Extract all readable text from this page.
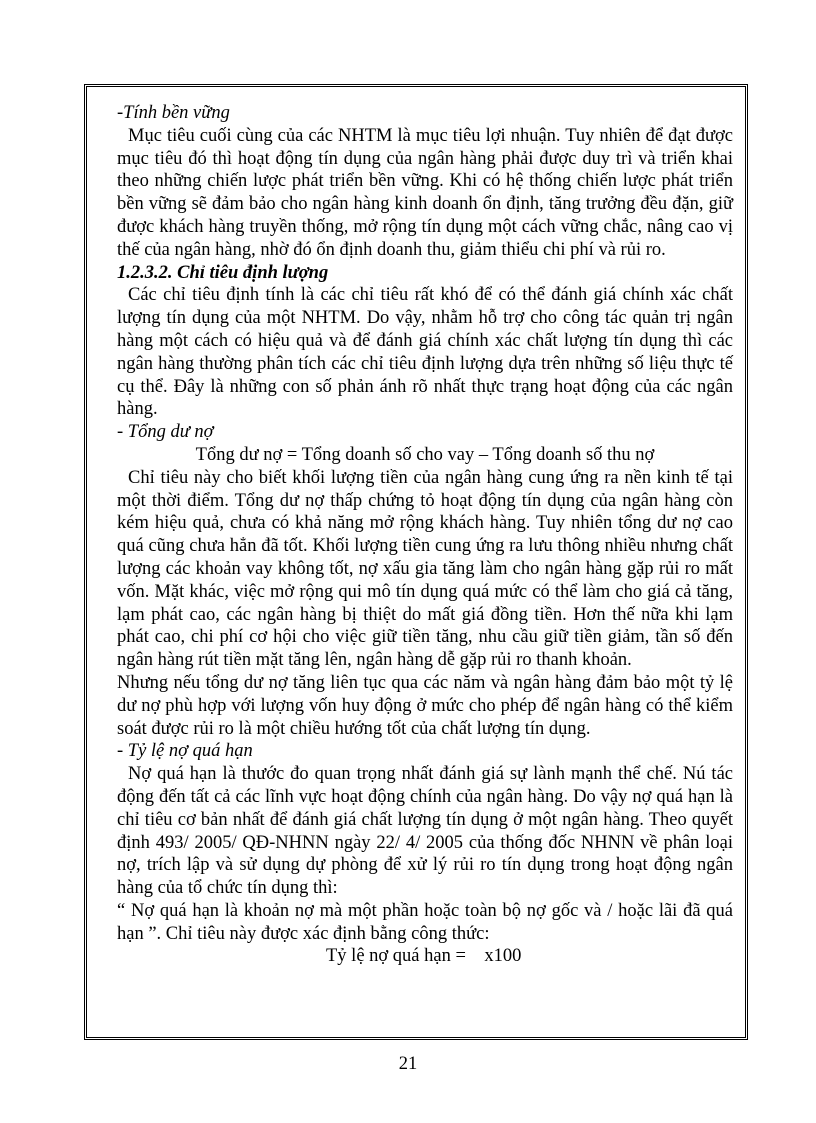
-Tính bền vững

Mục tiêu cuối cùng của các NHTM là mục tiêu lợi nhuận. Tuy nhiên để đạt được mục tiêu đó thì hoạt động tín dụng của ngân hàng phải được duy trì và triển khai theo những chiến lược phát triển bền vững. Khi có hệ thống chiến lược phát triển bền vững sẽ đảm bảo cho ngân hàng kinh doanh ổn định, tăng trưởng đều đặn, giữ được khách hàng truyền thống, mở rộng tín dụng một cách vững chắc, nâng cao vị thế của ngân hàng, nhờ đó ổn định doanh thu, giảm thiểu chi phí và rủi ro.

1.2.3.2. Chỉ tiêu định lượng

Các chỉ tiêu định tính là các chỉ tiêu rất khó để có thể đánh giá chính xác chất lượng tín dụng của một NHTM. Do vậy, nhằm hỗ trợ cho công tác quản trị ngân hàng một cách có hiệu quả và để đánh giá chính xác chất lượng tín dụng thì các ngân hàng thường phân tích các chỉ tiêu định lượng dựa trên những số liệu thực tế cụ thể. Đây là những con số phản ánh rõ nhất thực trạng hoạt động của các ngân hàng.

- Tổng dư nợ

Tổng dư nợ = Tổng doanh số cho vay – Tổng doanh số thu nợ

Chỉ tiêu này cho biết khối lượng tiền của ngân hàng cung ứng ra nền kinh tế tại một thời điểm. Tổng dư nợ thấp chứng tỏ hoạt động tín dụng của ngân hàng còn kém hiệu quả, chưa có khả năng mở rộng khách hàng. Tuy nhiên tổng dư nợ cao quá cũng chưa hẳn đã tốt. Khối lượng tiền cung ứng ra lưu thông nhiều nhưng chất lượng các khoản vay không tốt, nợ xấu gia tăng làm cho ngân hàng gặp rủi ro mất vốn. Mặt khác, việc mở rộng qui mô tín dụng quá mức có thể làm cho giá cả tăng, lạm phát cao, các ngân hàng bị thiệt do mất giá đồng tiền. Hơn thế nữa khi lạm phát cao, chi phí cơ hội cho việc giữ tiền tăng, nhu cầu giữ tiền giảm, tần số đến ngân hàng rút tiền mặt tăng lên, ngân hàng dễ gặp rủi ro thanh khoản.

Nhưng nếu tổng dư nợ tăng liên tục qua các năm và ngân hàng đảm bảo một tỷ lệ dư nợ phù hợp với lượng vốn huy động ở mức cho phép để ngân hàng có thể kiểm soát được rủi ro là một chiều hướng tốt của chất lượng tín dụng.

- Tỷ lệ nợ quá hạn

Nợ quá hạn là thước đo quan trọng nhất đánh giá sự lành mạnh thể chế. Nú tác động đến tất cả các lĩnh vực hoạt động chính của ngân hàng. Do vậy nợ quá hạn là chỉ tiêu cơ bản nhất để đánh giá chất lượng tín dụng ở một ngân hàng. Theo quyết định 493/ 2005/ QĐ-NHNN ngày 22/ 4/ 2005 của thống đốc NHNN về phân loại nợ, trích lập và sử dụng dự phòng để xử lý rủi ro tín dụng trong hoạt động ngân hàng của tổ chức tín dụng thì:

“ Nợ quá hạn là khoản nợ mà một phần hoặc toàn bộ nợ gốc và / hoặc lãi đã quá hạn ”. Chỉ tiêu này được xác định bằng công thức:

Tỷ lệ nợ quá hạn =    x100

21
